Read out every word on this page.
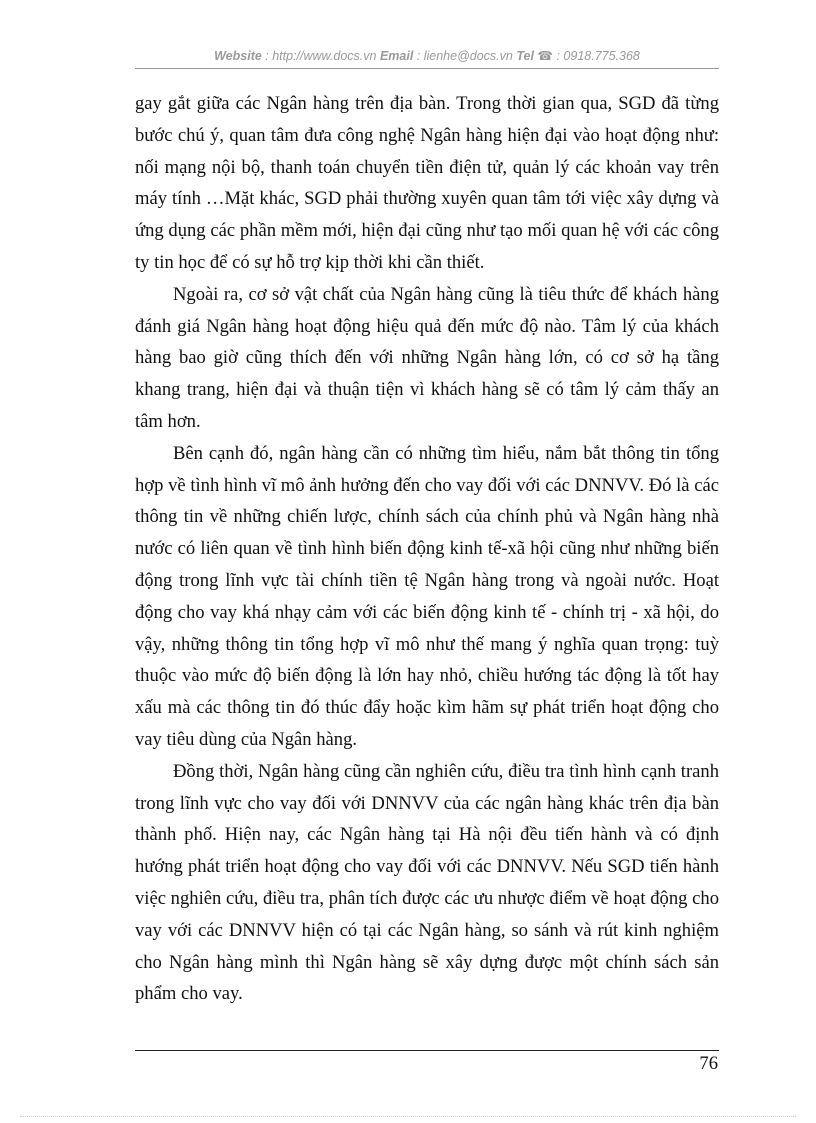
Website : http://www.docs.vn Email : lienhe@docs.vn Tel ☎ : 0918.775.368

gay gắt giữa các Ngân hàng trên địa bàn. Trong thời gian qua, SGD đã từng bước chú ý, quan tâm đưa công nghệ Ngân hàng hiện đại vào hoạt động như: nối mạng nội bộ, thanh toán chuyển tiền điện tử, quản lý các khoản vay trên máy tính …Mặt khác, SGD phải thường xuyên quan tâm tới việc xây dựng và ứng dụng các phần mềm mới, hiện đại cũng như tạo mối quan hệ với các công ty tin học để có sự hỗ trợ kịp thời khi cần thiết.

Ngoài ra, cơ sở vật chất của Ngân hàng cũng là tiêu thức để khách hàng đánh giá Ngân hàng hoạt động hiệu quả đến mức độ nào. Tâm lý của khách hàng bao giờ cũng thích đến với những Ngân hàng lớn, có cơ sở hạ tầng khang trang, hiện đại và thuận tiện vì khách hàng sẽ có tâm lý cảm thấy an tâm hơn.

Bên cạnh đó, ngân hàng cần có những tìm hiểu, nắm bắt thông tin tổng hợp về tình hình vĩ mô ảnh hưởng đến cho vay đối với các DNNVV. Đó là các thông tin về những chiến lược, chính sách của chính phủ và Ngân hàng nhà nước có liên quan về tình hình biến động kinh tế-xã hội cũng như những biến động trong lĩnh vực tài chính tiền tệ Ngân hàng trong và ngoài nước. Hoạt động cho vay khá nhạy cảm với các biến động kinh tế - chính trị - xã hội, do vậy, những thông tin tổng hợp vĩ mô như thế mang ý nghĩa quan trọng: tuỳ thuộc vào mức độ biến động là lớn hay nhỏ, chiều hướng tác động là tốt hay xấu mà các thông tin đó thúc đẩy hoặc kìm hãm sự phát triển hoạt động cho vay tiêu dùng của Ngân hàng.

Đồng thời, Ngân hàng cũng cần nghiên cứu, điều tra tình hình cạnh tranh trong lĩnh vực cho vay đối với DNNVV của các ngân hàng khác trên địa bàn thành phố. Hiện nay, các Ngân hàng tại Hà nội đều tiến hành và có định hướng phát triển hoạt động cho vay đối với các DNNVV. Nếu SGD tiến hành việc nghiên cứu, điều tra, phân tích được các ưu nhược điểm về hoạt động cho vay với các DNNVV hiện có tại các Ngân hàng, so sánh và rút kinh nghiệm cho Ngân hàng mình thì Ngân hàng sẽ xây dựng được một chính sách sản phẩm cho vay.

76
